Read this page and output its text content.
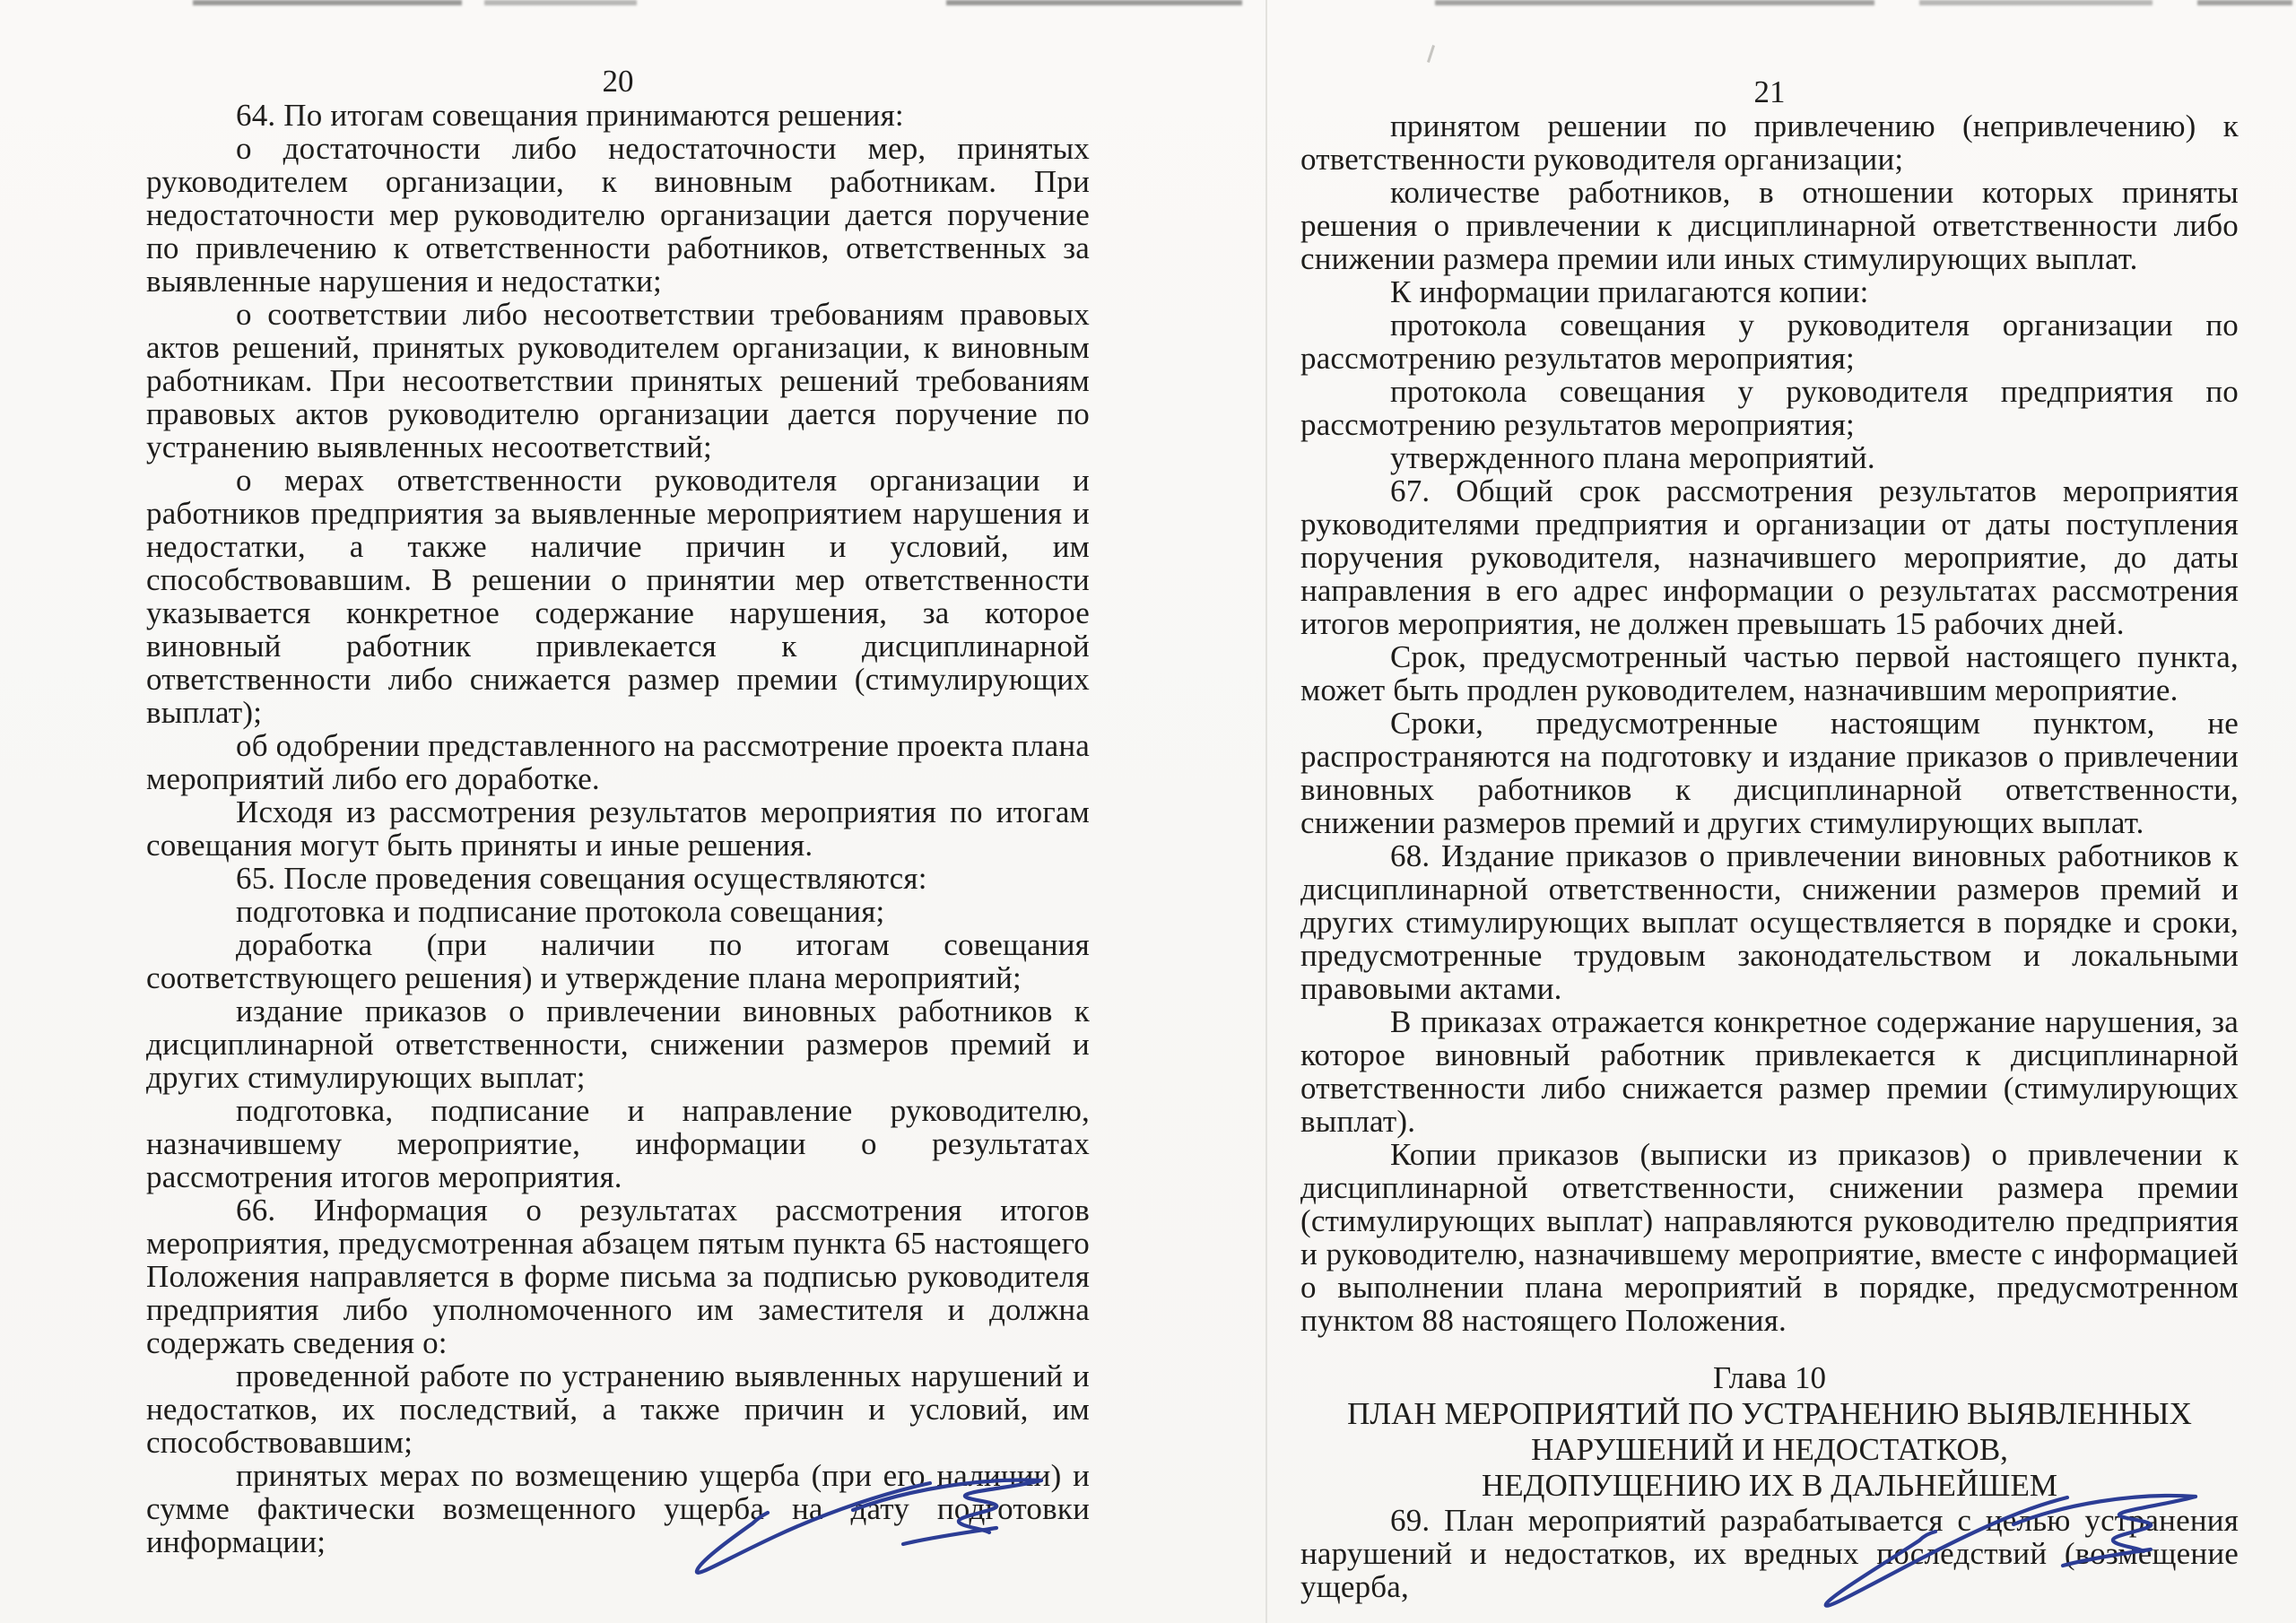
20

64. По итогам совещания принимаются решения:

о достаточности либо недостаточности мер, принятых руководителем организации, к виновным работникам. При недостаточности мер руководителю организации дается поручение по привлечению к ответственности работников, ответственных за выявленные нарушения и недостатки;

о соответствии либо несоответствии требованиям правовых актов решений, принятых руководителем организации, к виновным работникам. При несоответствии принятых решений требованиям правовых актов руководителю организации дается поручение по устранению выявленных несоответствий;

о мерах ответственности руководителя организации и работников предприятия за выявленные мероприятием нарушения и недостатки, а также наличие причин и условий, им способствовавшим. В решении о принятии мер ответственности указывается конкретное содержание нарушения, за которое виновный работник привлекается к дисциплинарной ответственности либо снижается размер премии (стимулирующих выплат);

об одобрении представленного на рассмотрение проекта плана мероприятий либо его доработке.

Исходя из рассмотрения результатов мероприятия по итогам совещания могут быть приняты и иные решения.

65. После проведения совещания осуществляются:

подготовка и подписание протокола совещания;

доработка (при наличии по итогам совещания соответствующего решения) и утверждение плана мероприятий;

издание приказов о привлечении виновных работников к дисциплинарной ответственности, снижении размеров премий и других стимулирующих выплат;

подготовка, подписание и направление руководителю, назначившему мероприятие, информации о результатах рассмотрения итогов мероприятия.

66. Информация о результатах рассмотрения итогов мероприятия, предусмотренная абзацем пятым пункта 65 настоящего Положения направляется в форме письма за подписью руководителя предприятия либо уполномоченного им заместителя и должна содержать сведения о:

проведенной работе по устранению выявленных нарушений и недостатков, их последствий, а также причин и условий, им способствовавшим;

принятых мерах по возмещению ущерба (при его наличии) и сумме фактически возмещенного ущерба на дату подготовки информации;

21

принятом решении по привлечению (непривлечению) к ответственности руководителя организации;

количестве работников, в отношении которых приняты решения о привлечении к дисциплинарной ответственности либо снижении размера премии или иных стимулирующих выплат.

К информации прилагаются копии:

протокола совещания у руководителя организации по рассмотрению результатов мероприятия;

протокола совещания у руководителя предприятия по рассмотрению результатов мероприятия;

утвержденного плана мероприятий.

67. Общий срок рассмотрения результатов мероприятия руководителями предприятия и организации от даты поступления поручения руководителя, назначившего мероприятие, до даты направления в его адрес информации о результатах рассмотрения итогов мероприятия, не должен превышать 15 рабочих дней.

Срок, предусмотренный частью первой настоящего пункта, может быть продлен руководителем, назначившим мероприятие.

Сроки, предусмотренные настоящим пунктом, не распространяются на подготовку и издание приказов о привлечении виновных работников к дисциплинарной ответственности, снижении размеров премий и других стимулирующих выплат.

68. Издание приказов о привлечении виновных работников к дисциплинарной ответственности, снижении размеров премий и других стимулирующих выплат осуществляется в порядке и сроки, предусмотренные трудовым законодательством и локальными правовыми актами.

В приказах отражается конкретное содержание нарушения, за которое виновный работник привлекается к дисциплинарной ответственности либо снижается размер премии (стимулирующих выплат).

Копии приказов (выписки из приказов) о привлечении к дисциплинарной ответственности, снижении размера премии (стимулирующих выплат) направляются руководителю предприятия и руководителю, назначившему мероприятие, вместе с информацией о выполнении плана мероприятий в порядке, предусмотренном пунктом 88 настоящего Положения.

Глава 10
ПЛАН МЕРОПРИЯТИЙ ПО УСТРАНЕНИЮ ВЫЯВЛЕННЫХ
НАРУШЕНИЙ И НЕДОСТАТКОВ,
НЕДОПУЩЕНИЮ ИХ В ДАЛЬНЕЙШЕМ

69. План мероприятий разрабатывается с целью устранения нарушений и недостатков, их вредных последствий (возмещение ущерба,
